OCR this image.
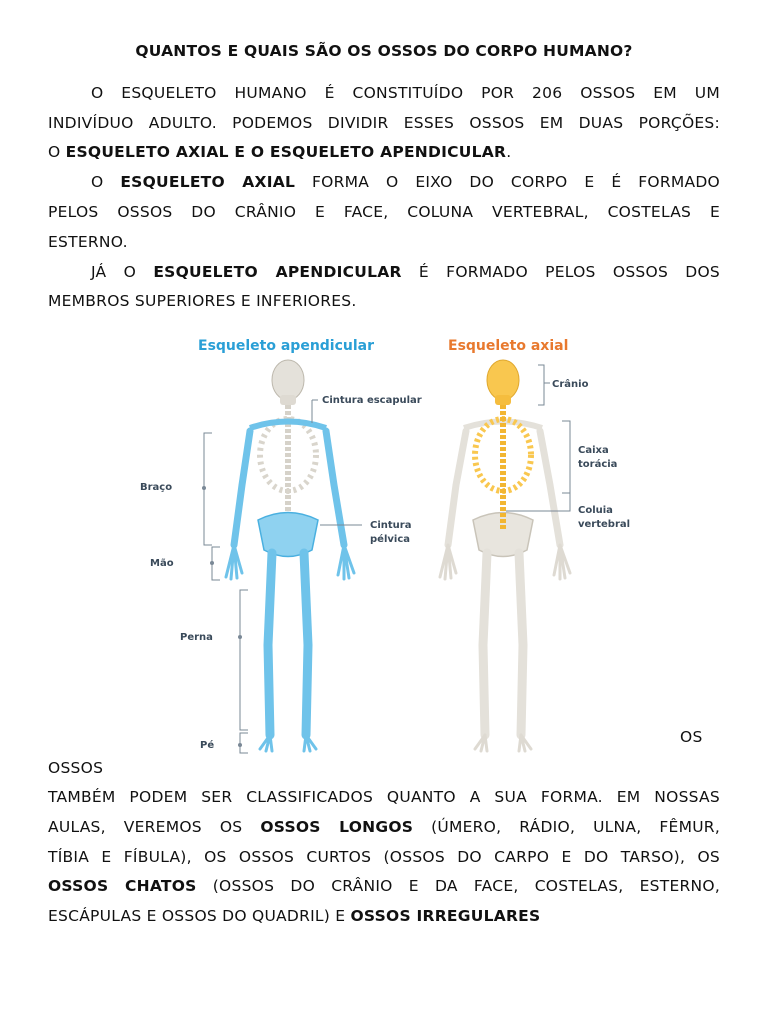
QUANTOS E QUAIS SÃO OS OSSOS DO CORPO HUMANO?
O ESQUELETO HUMANO É CONSTITUÍDO POR 206 OSSOS EM UM
INDIVÍDUO ADULTO. PODEMOS DIVIDIR ESSES OSSOS EM DUAS PORÇÕES:
O ESQUELETO AXIAL E O ESQUELETO APENDICULAR.
O ESQUELETO AXIAL FORMA O EIXO DO CORPO E É FORMADO
PELOS OSSOS DO CRÂNIO E FACE, COLUNA VERTEBRAL, COSTELAS E
ESTERNO.
JÁ O ESQUELETO APENDICULAR É FORMADO PELOS OSSOS DOS
MEMBROS SUPERIORES E INFERIORES.
Esqueleto apendicular	Esqueleto axial
Cintura escapular
Braço
Mão
Perna
Pé
Cintura
pélvica
Crânio
Caixa
torácia
Coluia
vertebral
OS
OSSOS
TAMBÉM PODEM SER CLASSIFICADOS QUANTO A SUA FORMA. EM NOSSAS
AULAS, VEREMOS OS OSSOS LONGOS (ÚMERO, RÁDIO, ULNA, FÊMUR,
TÍBIA E FÍBULA), OS OSSOS CURTOS (OSSOS DO CARPO E DO TARSO), OS
OSSOS CHATOS (OSSOS DO CRÂNIO E DA FACE, COSTELAS, ESTERNO,
ESCÁPULAS E OSSOS DO QUADRIL) E OSSOS IRREGULARES
